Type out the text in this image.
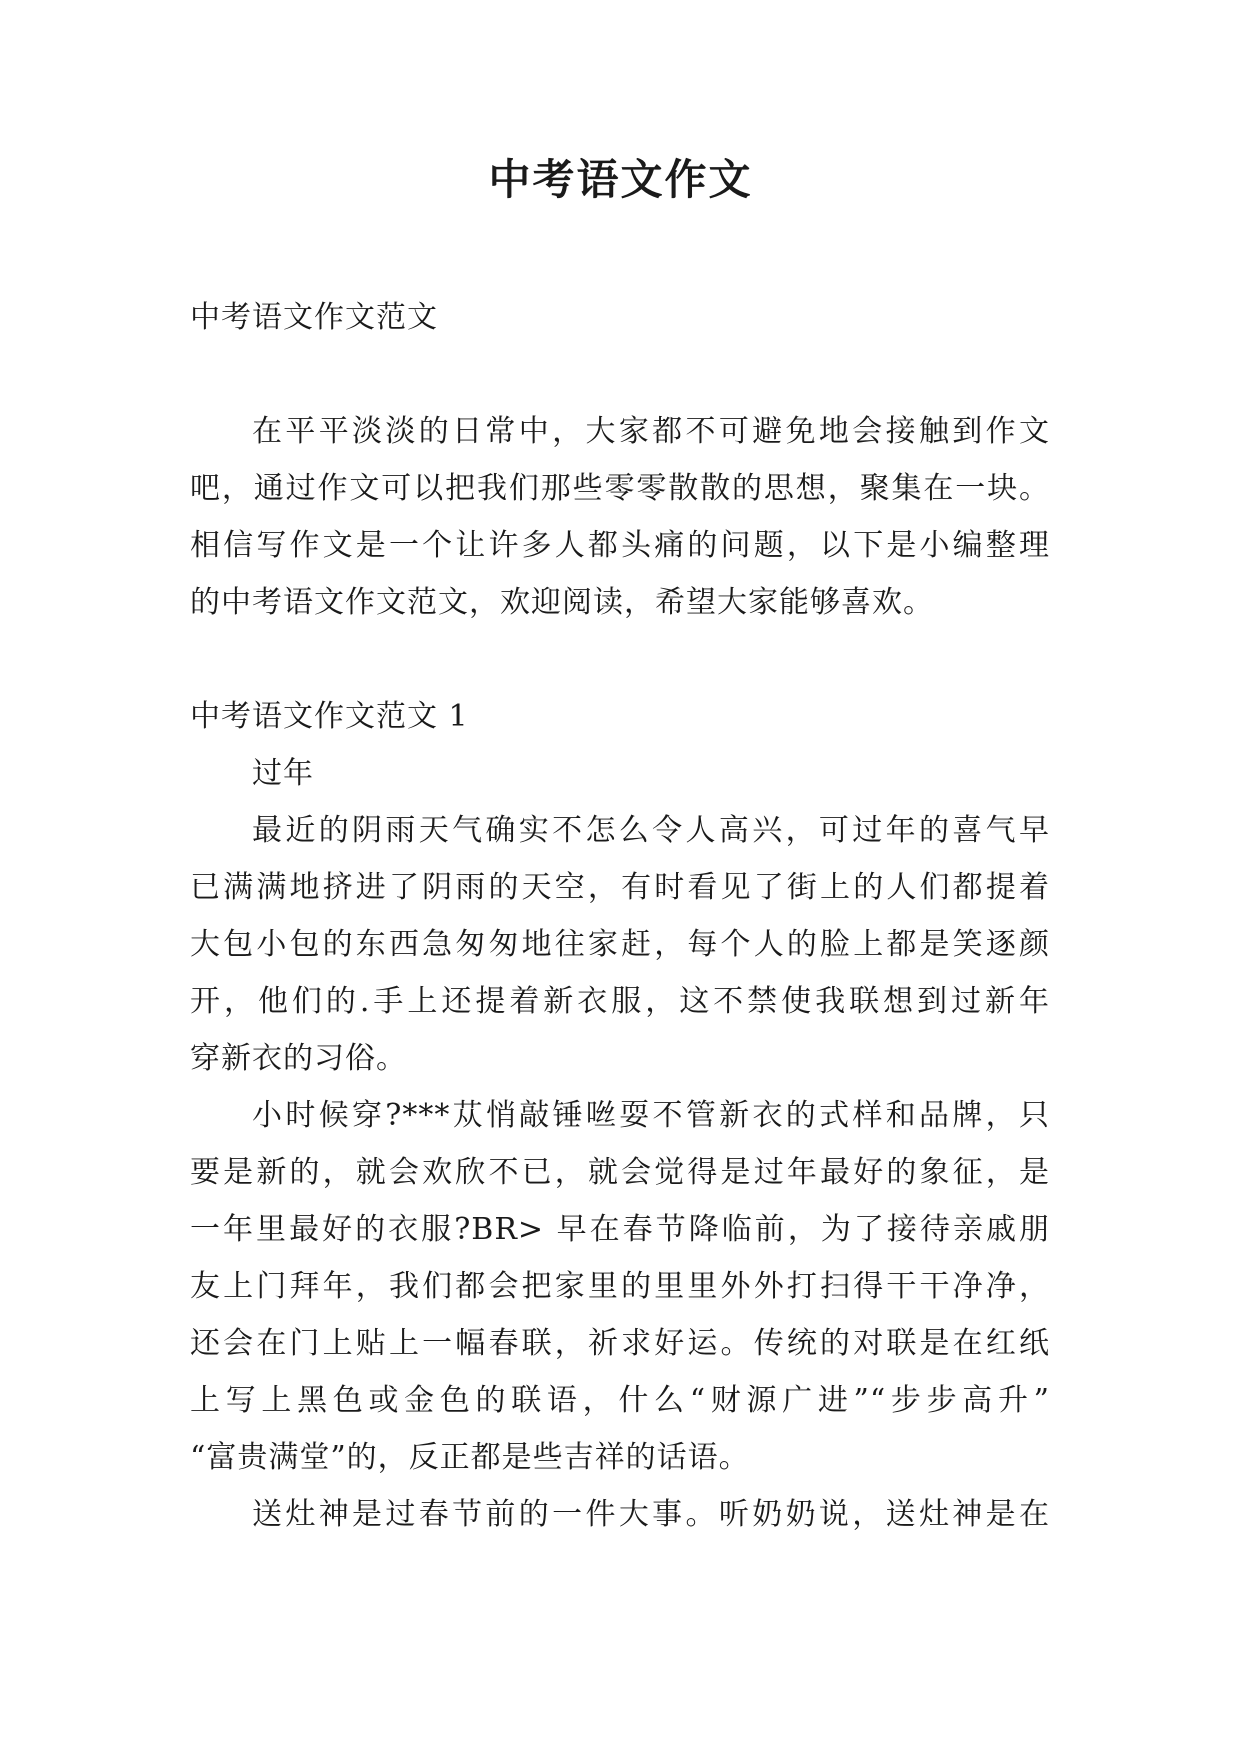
中考语文作文
中考语文作文范文
在平平淡淡的日常中，大家都不可避免地会接触到作文
吧，通过作文可以把我们那些零零散散的思想，聚集在一块。
相信写作文是一个让许多人都头痛的问题，以下是小编整理
的中考语文作文范文，欢迎阅读，希望大家能够喜欢。
中考语文作文范文 1
过年
最近的阴雨天气确实不怎么令人高兴，可过年的喜气早
已满满地挤进了阴雨的天空，有时看见了街上的人们都提着
大包小包的东西急匆匆地往家赶，每个人的脸上都是笑逐颜
开，他们的.手上还提着新衣服，这不禁使我联想到过新年
穿新衣的习俗。
小时候穿?***苁悄敲锤咝耍不管新衣的式样和品牌，只
要是新的，就会欢欣不已，就会觉得是过年最好的象征，是
一年里最好的衣服?BR> 早在春节降临前，为了接待亲戚朋
友上门拜年，我们都会把家里的里里外外打扫得干干净净，
还会在门上贴上一幅春联，祈求好运。传统的对联是在红纸
上写上黑色或金色的联语，什么“财源广进”“步步高升”
“富贵满堂”的，反正都是些吉祥的话语。
送灶神是过春节前的一件大事。听奶奶说，送灶神是在
